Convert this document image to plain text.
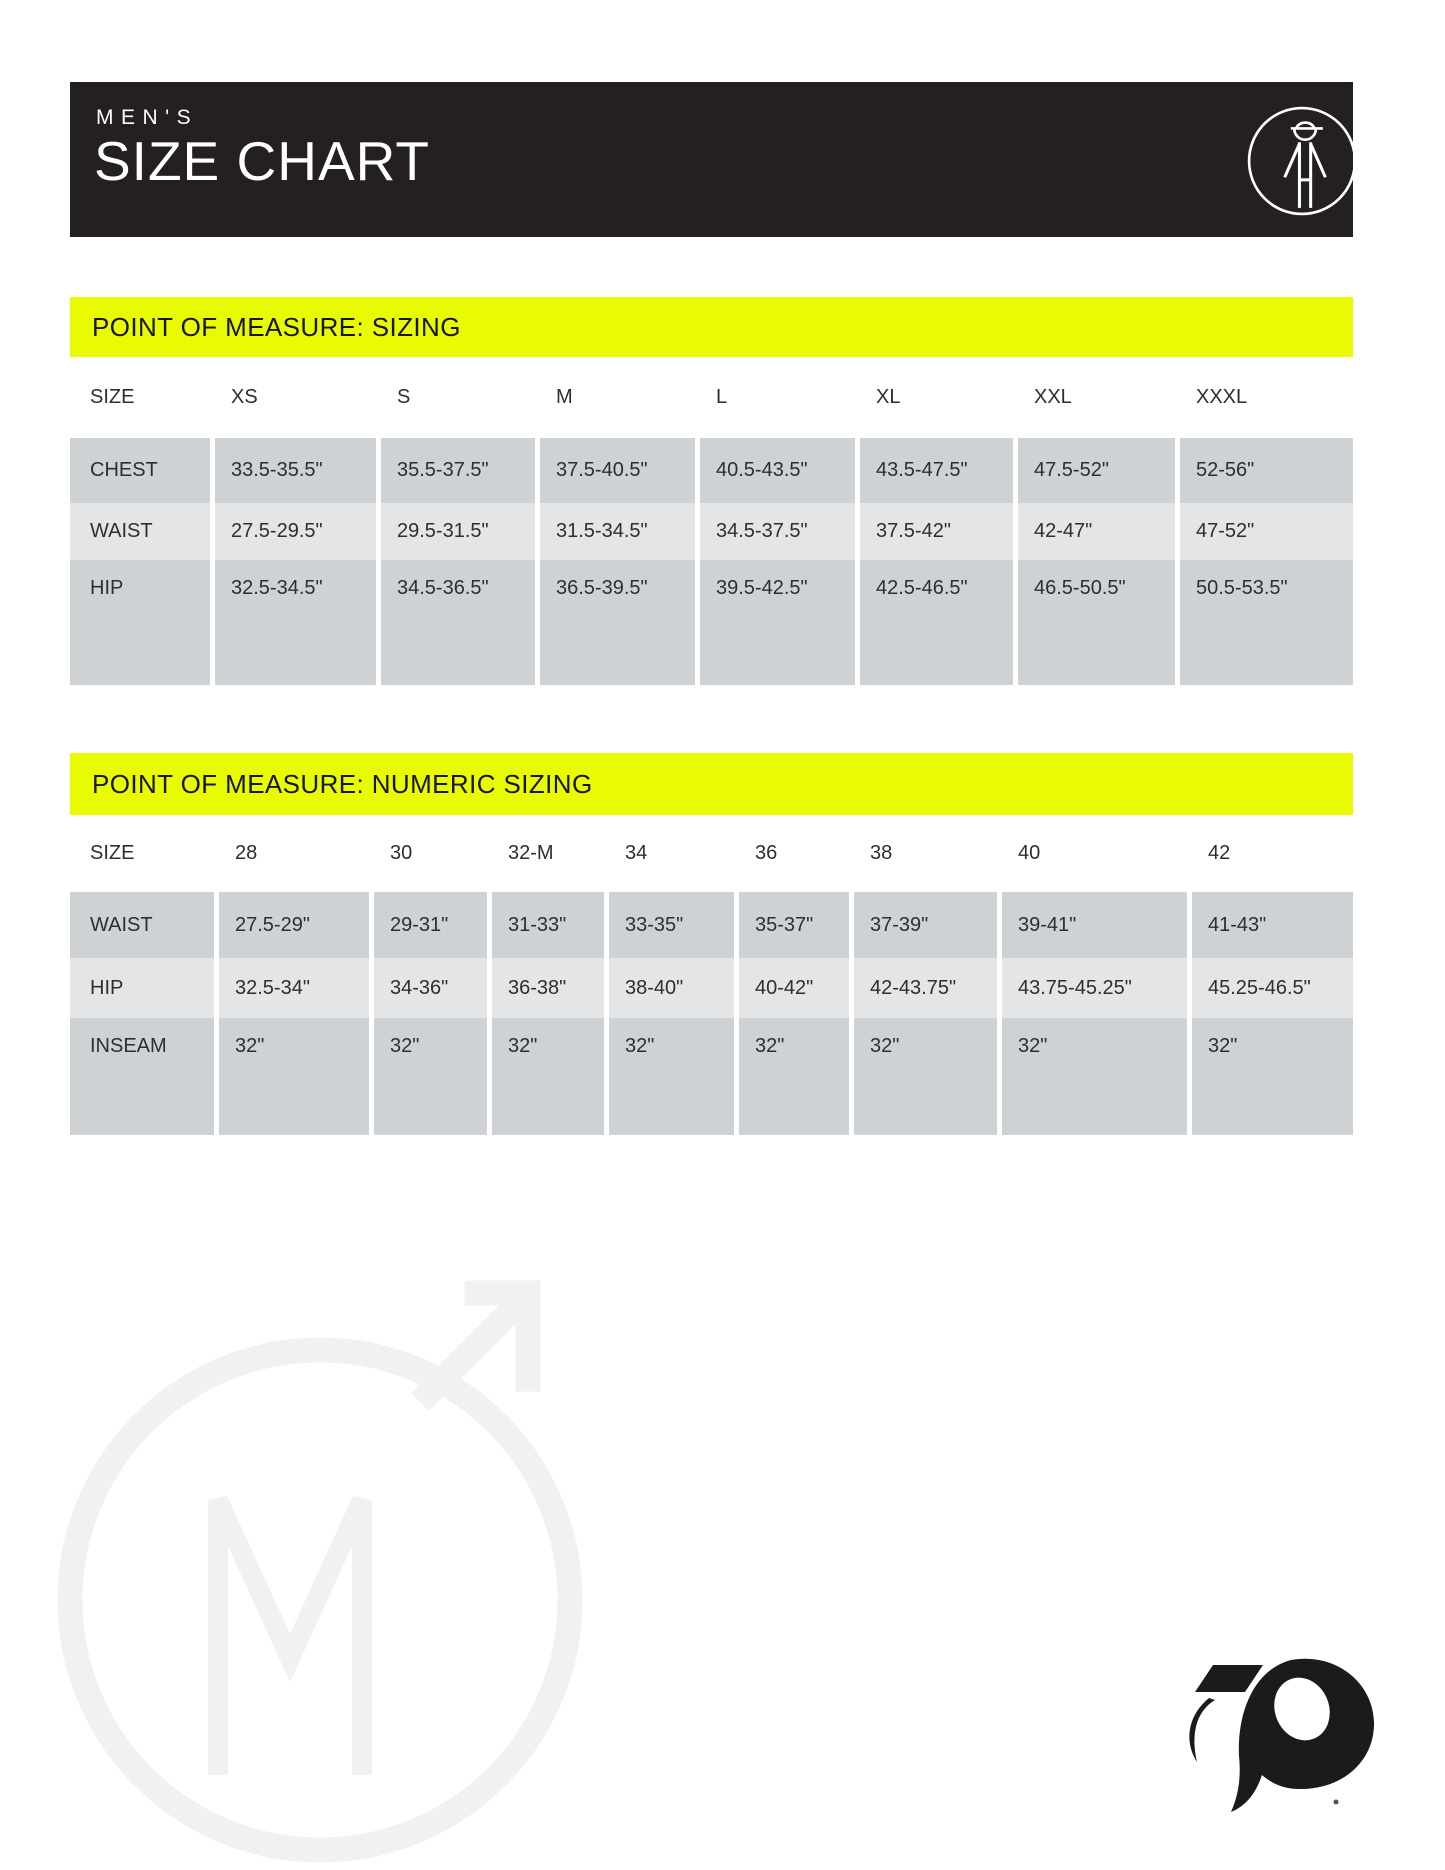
MEN'S
SIZE CHART
POINT OF MEASURE: SIZING
SIZE	XS	S	M	L	XL	XXL	XXXL
CHEST	33.5-35.5"	35.5-37.5"	37.5-40.5"	40.5-43.5"	43.5-47.5"	47.5-52"	52-56"
WAIST	27.5-29.5"	29.5-31.5"	31.5-34.5"	34.5-37.5"	37.5-42"	42-47"	47-52"
HIP	32.5-34.5"	34.5-36.5"	36.5-39.5"	39.5-42.5"	42.5-46.5"	46.5-50.5"	50.5-53.5"
POINT OF MEASURE: NUMERIC SIZING
SIZE	28	30	32-M	34	36	38	40	42
WAIST	27.5-29"	29-31"	31-33"	33-35"	35-37"	37-39"	39-41"	41-43"
HIP	32.5-34"	34-36"	36-38"	38-40"	40-42"	42-43.75"	43.75-45.25"	45.25-46.5"
INSEAM	32"	32"	32"	32"	32"	32"	32"	32"
